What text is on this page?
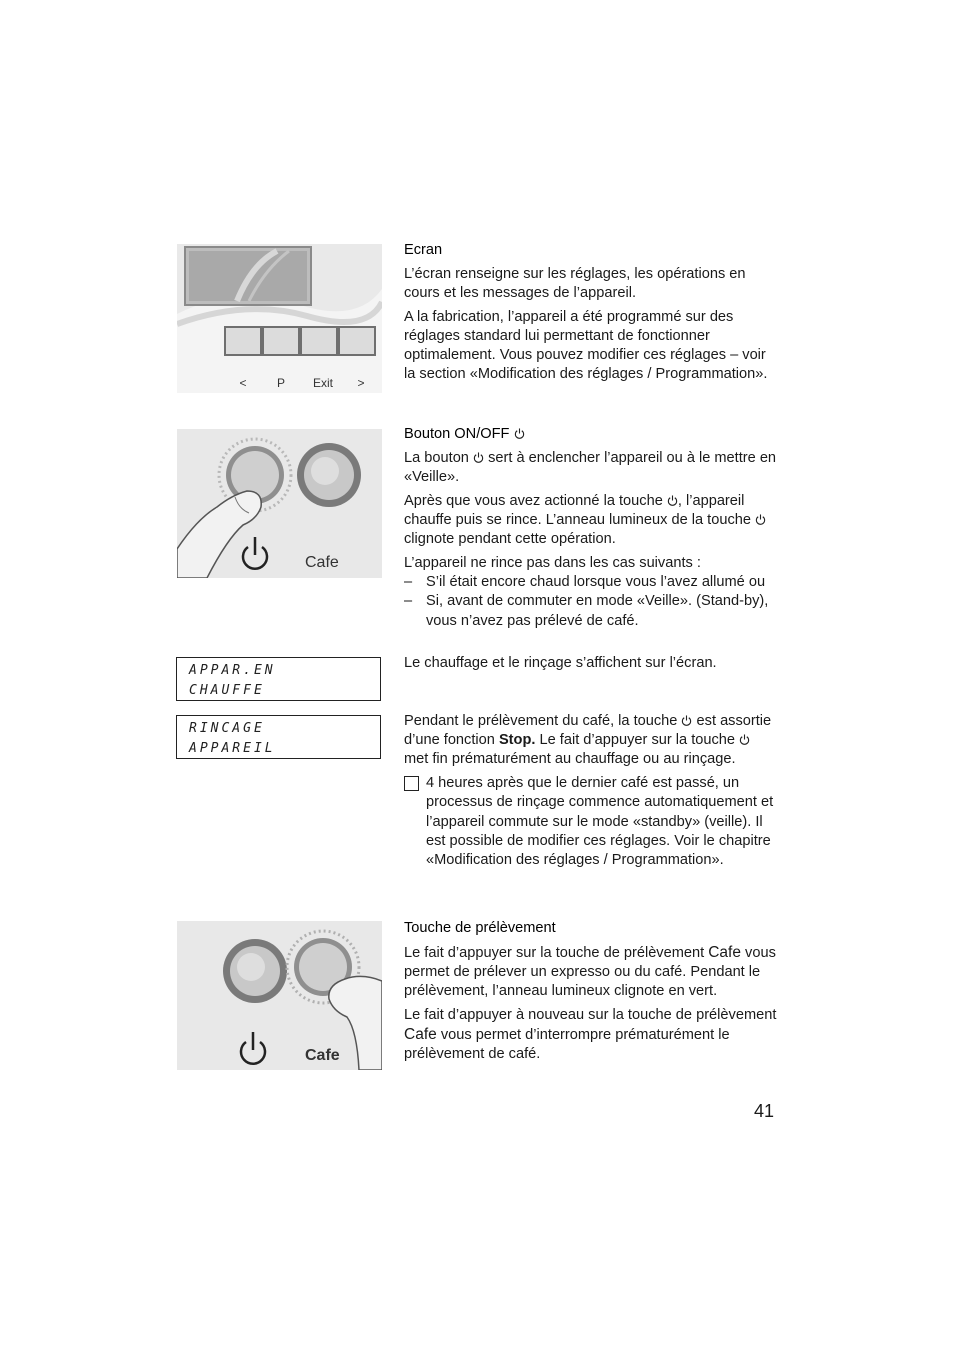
<	P Exit >
Cafe
APPAR.EN
CHAUFFE
RINCAGE
APPAREIL
Cafe

Ecran

L’écran renseigne sur les réglages, les opérations en cours et les messages de l’appareil.

A la fabrication, l’appareil a été programmé sur des réglages standard lui permettant de fonctionner optimalement. Vous pouvez modifier ces réglages – voir la section «Modification des réglages / Programmation».

Bouton ON/OFF

La bouton sert à enclencher l’appareil ou à le mettre en «Veille».

Après que vous avez actionné la touche , l’appareil chauffe puis se rince. L’anneau lumineux de la touche  clignote pendant cette opération.

L’appareil ne rince pas dans les cas suivants :

– S’il était encore chaud lorsque vous l’avez allumé ou
– Si, avant de commuter en mode «Veille». (Stand-by), vous n’avez pas prélevé de café.
Le chauffage et le rinçage s’affichent sur l’écran.

Pendant le prélèvement du café, la touche est assortie d’une fonction Stop. Le fait d’appuyer sur la touche  met fin prématurément au chauffage ou au rinçage.

4 heures après que le dernier café est passé, un processus de rinçage commence automatiquement et l’appareil commute sur le mode «standby» (veille). Il est possible de modifier ces réglages. Voir le chapitre «Modification des réglages / Programmation».

Touche de prélèvement

Le fait d’appuyer sur la touche de prélèvement Cafe vous permet de prélever un expresso ou du café. Pendant le prélèvement, l’anneau lumineux clignote en vert.

Le fait d’appuyer à nouveau sur la touche de prélèvement Cafe vous permet d’interrompre prématurément le prélèvement de café.

41
